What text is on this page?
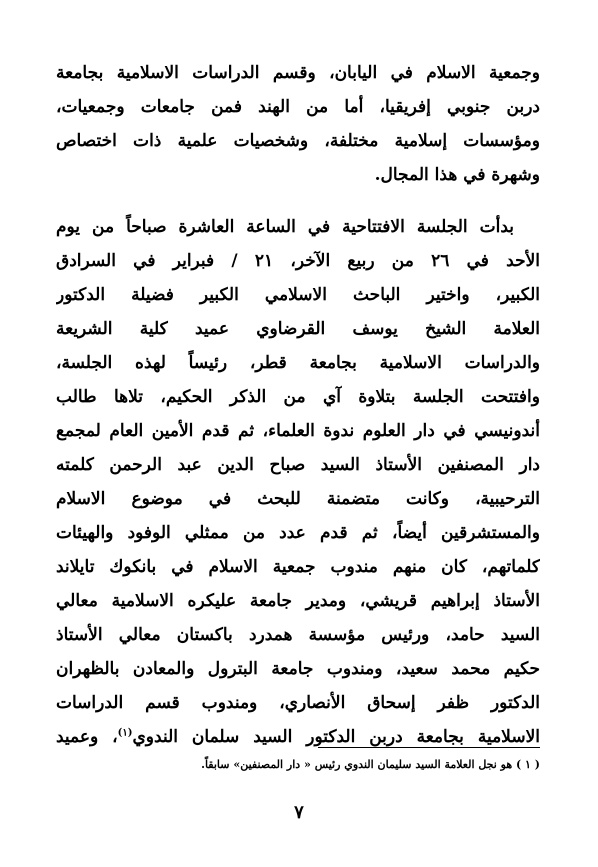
وجمعية الاسلام في اليابان، وقسم الدراسات الاسلامية بجامعة
دربن جنوبي إفريقيا، أما من الهند فمن جامعات وجمعيات،
ومؤسسات إسلامية مختلفة، وشخصيات علمية ذات اختصاص
وشهرة في هذا المجال.
بدأت الجلسة الافتتاحية في الساعة العاشرة صباحاً من يوم
الأحد في ٢٦ من ربيع الآخر، ٢١ / فبراير في السرادق
الكبير، واختير الباحث الاسلامي الكبير فضيلة الدكتور
العلامة الشيخ يوسف القرضاوي عميد كلية الشريعة
والدراسات الاسلامية بجامعة قطر، رئيساً لهذه الجلسة،
وافتتحت الجلسة بتلاوة آي من الذكر الحكيم، تلاها طالب
أندونيسي في دار العلوم ندوة العلماء، ثم قدم الأمين العام لمجمع
دار المصنفين الأستاذ السيد صباح الدين عبد الرحمن كلمته
الترحيبية، وكانت متضمنة للبحث في موضوع الاسلام
والمستشرقين أيضاً، ثم قدم عدد من ممثلي الوفود والهيئات
كلماتهم، كان منهم مندوب جمعية الاسلام في بانكوك تايلاند
الأستاذ إبراهيم قريشي، ومدير جامعة عليكره الاسلامية معالي
السيد حامد، ورئيس مؤسسة همدرد باكستان معالي الأستاذ
حكيم محمد سعيد، ومندوب جامعة البترول والمعادن بالظهران
الدكتور ظفر إسحاق الأنصاري، ومندوب قسم الدراسات
الاسلامية بجامعة دربن الدكتور السيد سلمان الندوي$^{(١)}$، وعميد
( ١ ) هو نجل العلامة السيد سليمان الندوي رئيس « دار المصنفين» سابقاً.
٧
